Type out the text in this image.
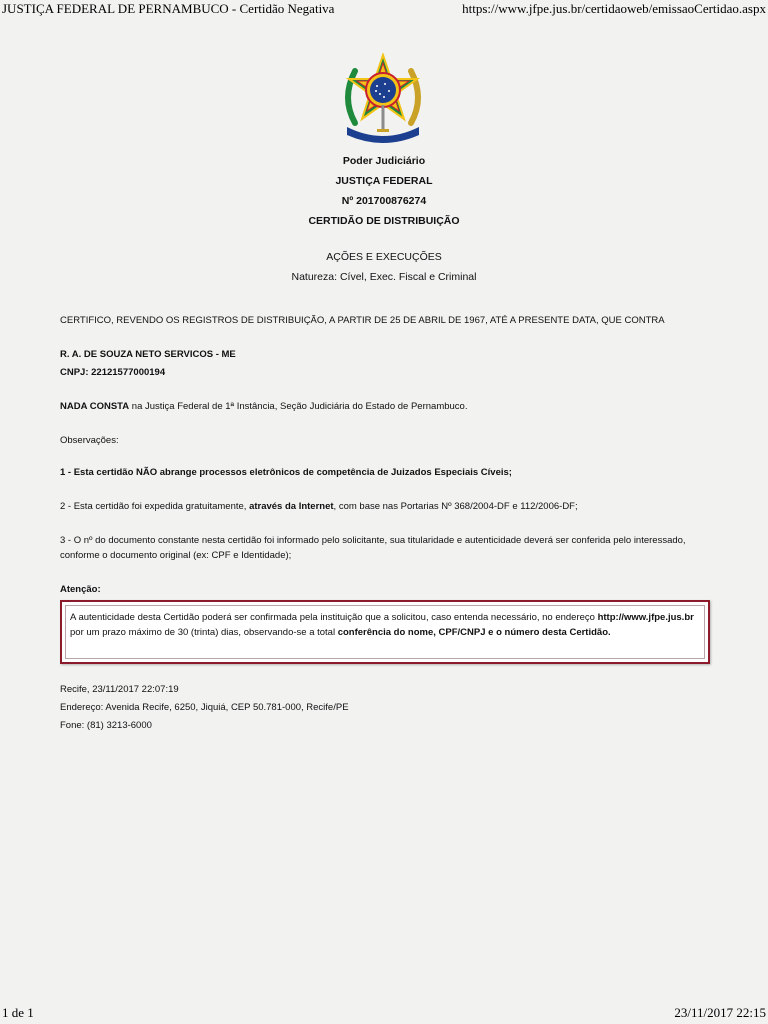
JUSTIÇA FEDERAL DE PERNAMBUCO - Certidão Negativa	https://www.jfpe.jus.br/certidaoweb/emissaoCertidao.aspx
Poder Judiciário
JUSTIÇA FEDERAL
Nº 201700876274
CERTIDÃO DE DISTRIBUIÇÃO
AÇÕES E EXECUÇÕES
Natureza: Cível, Exec. Fiscal e Criminal
CERTIFICO, REVENDO OS REGISTROS DE DISTRIBUIÇÃO, A PARTIR DE 25 DE ABRIL DE 1967, ATÉ A PRESENTE DATA, QUE CONTRA
R. A. DE SOUZA NETO SERVICOS - ME
CNPJ: 22121577000194
NADA CONSTA na Justiça Federal de 1ª Instância, Seção Judiciária do Estado de Pernambuco.
Observações:
1 - Esta certidão NÃO abrange processos eletrônicos de competência de Juizados Especiais Cíveis;
2 - Esta certidão foi expedida gratuitamente, através da Internet, com base nas Portarias Nº 368/2004-DF e 112/2006-DF;
3 - O nº do documento constante nesta certidão foi informado pelo solicitante, sua titularidade e autenticidade deverá ser conferida pelo interessado, conforme o documento original (ex: CPF e Identidade);
Atenção:
A autenticidade desta Certidão poderá ser confirmada pela instituição que a solicitou, caso entenda necessário, no endereço http://www.jfpe.jus.br por um prazo máximo de 30 (trinta) dias, observando-se a total conferência do nome, CPF/CNPJ e o número desta Certidão.
Recife, 23/11/2017 22:07:19
Endereço: Avenida Recife, 6250, Jiquiá, CEP 50.781-000, Recife/PE
Fone: (81) 3213-6000
1 de 1	23/11/2017 22:15
